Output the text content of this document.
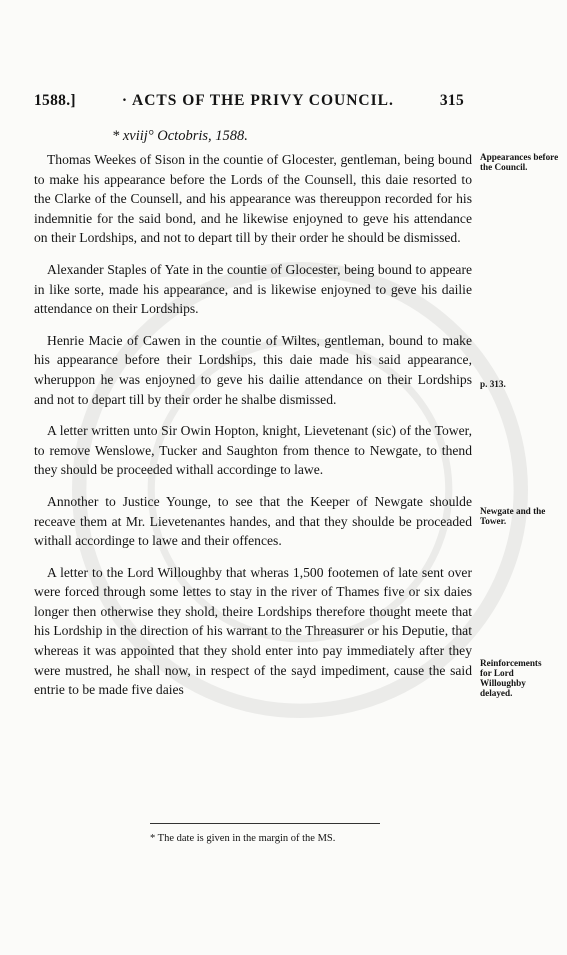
1588.]	· ACTS OF THE PRIVY COUNCIL.	315
* xviij° Octobris, 1588.

Thomas Weekes of Sison in the countie of Glocester, gentleman, being bound to make his appearance before the Lords of the Counsell, this daie resorted to the Clarke of the Counsell, and his appearance was thereuppon recorded for his indemnitie for the said bond, and he likewise enjoyned to geve his attendance on their Lordships, and not to depart till by their order he should be dismissed.

Alexander Staples of Yate in the countie of Glocester, being bound to appeare in like sorte, made his appearance, and is likewise enjoyned to geve his dailie attendance on their Lordships.

Henrie Macie of Cawen in the countie of Wiltes, gentleman, bound to make his appearance before their Lordships, this daie made his said appearance, wheruppon he was enjoyned to geve his dailie attendance on their Lordships and not to depart till by their order he shalbe dismissed.

A letter written unto Sir Owin Hopton, knight, Lievetenant (sic) of the Tower, to remove Wenslowe, Tucker and Saughton from thence to Newgate, to thend they should be proceeded withall accordinge to lawe.

Annother to Justice Younge, to see that the Keeper of Newgate shoulde receave them at Mr. Lievetenantes handes, and that they shoulde be proceaded withall accordinge to lawe and their offences.

A letter to the Lord Willoughby that wheras 1,500 footemen of late sent over were forced through some lettes to stay in the river of Thames five or six daies longer then otherwise they shold, theire Lordships therefore thought meete that his Lordship in the direction of his warrant to the Threasurer or his Deputie, that whereas it was appointed that they shold enter into pay immediately after they were mustred, he shall now, in respect of the sayd impediment, cause the said entrie to be made five daies

Appearances before the Council.
p. 313.
Newgate and the Tower.
Reinforcements for Lord Willoughby delayed.
* The date is given in the margin of the MS.
